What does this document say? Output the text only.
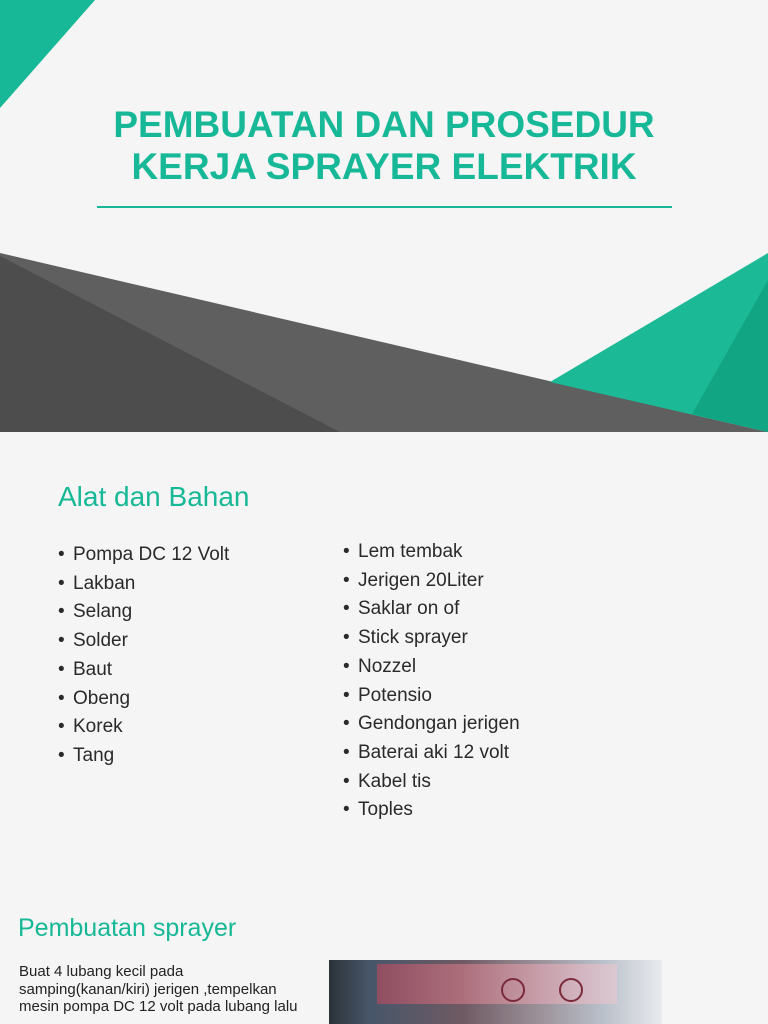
PEMBUATAN DAN PROSEDUR
KERJA SPRAYER ELEKTRIK
Alat dan Bahan
• Pompa DC 12 Volt
• Lakban
• Selang
• Solder
• Baut
• Obeng
• Korek
• Tang
• Lem tembak
• Jerigen 20Liter
• Saklar on of
• Stick sprayer
• Nozzel
• Potensio
• Gendongan jerigen
• Baterai aki 12 volt
• Kabel tis
• Toples
Pembuatan sprayer

Buat 4 lubang kecil pada samping(kanan/kiri) jerigen ,tempelkan mesin pompa DC 12 volt pada lubang lalu
